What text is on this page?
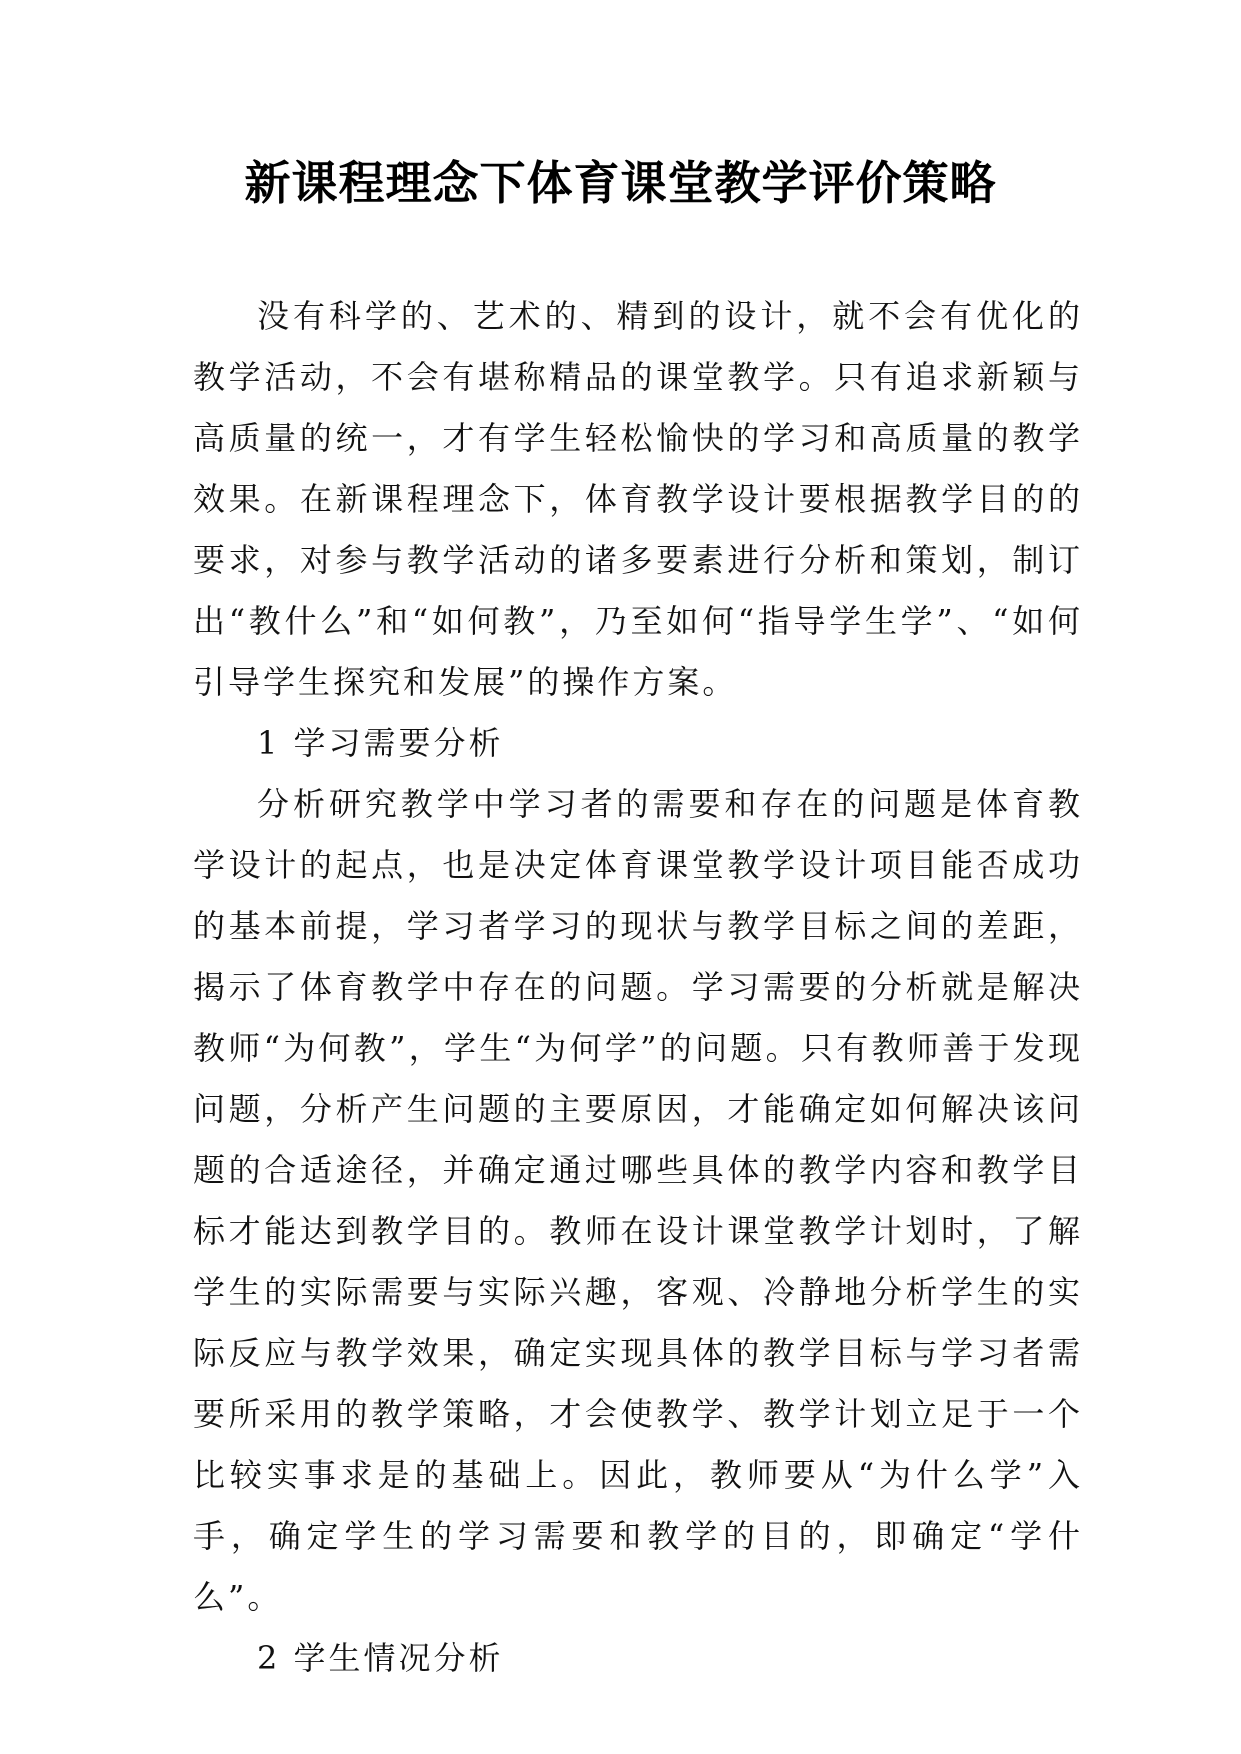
新课程理念下体育课堂教学评价策略

没有科学的、艺术的、精到的设计，就不会有优化的教学活动，不会有堪称精品的课堂教学。只有追求新颖与高质量的统一，才有学生轻松愉快的学习和高质量的教学效果。在新课程理念下，体育教学设计要根据教学目的的要求，对参与教学活动的诸多要素进行分析和策划，制订出“教什么”和“如何教”，乃至如何“指导学生学”、“如何引导学生探究和发展”的操作方案。

1 学习需要分析

分析研究教学中学习者的需要和存在的问题是体育教学设计的起点，也是决定体育课堂教学设计项目能否成功的基本前提，学习者学习的现状与教学目标之间的差距，揭示了体育教学中存在的问题。学习需要的分析就是解决教师“为何教”，学生“为何学”的问题。只有教师善于发现问题，分析产生问题的主要原因，才能确定如何解决该问题的合适途径，并确定通过哪些具体的教学内容和教学目标才能达到教学目的。教师在设计课堂教学计划时，了解学生的实际需要与实际兴趣，客观、冷静地分析学生的实际反应与教学效果，确定实现具体的教学目标与学习者需要所采用的教学策略，才会使教学、教学计划立足于一个比较实事求是的基础上。因此，教师要从“为什么学”入手，确定学生的学习需要和教学的目的，即确定“学什么”。

2 学生情况分析
